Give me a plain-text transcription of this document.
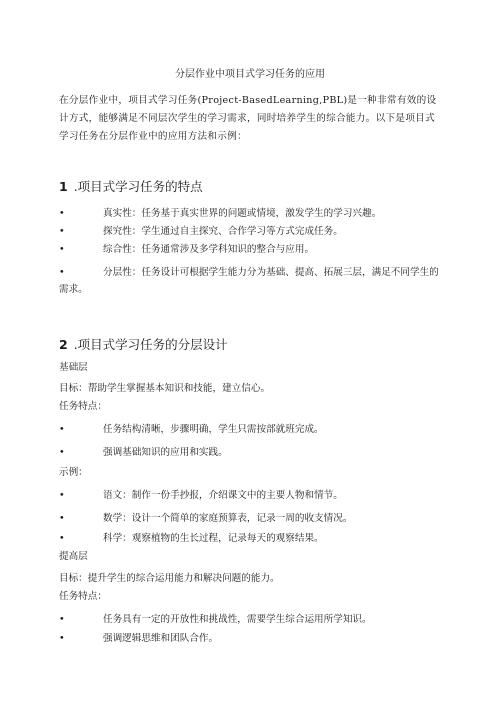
分层作业中项目式学习任务的应用
在分层作业中，项目式学习任务(Project-BasedLearning,PBL)是一种非常有效的设计方式，能够满足不同层次学生的学习需求，同时培养学生的综合能力。以下是项目式学习任务在分层作业中的应用方法和示例：
1 .项目式学习任务的特点
•	真实性：任务基于真实世界的问题或情境，激发学生的学习兴趣。
•	探究性：学生通过自主探究、合作学习等方式完成任务。
•	综合性：任务通常涉及多学科知识的整合与应用。
•	分层性：任务设计可根据学生能力分为基础、提高、拓展三层，满足不同学生的需求。
2 .项目式学习任务的分层设计
基础层
目标：帮助学生掌握基本知识和技能，建立信心。
任务特点：
•	任务结构清晰，步骤明确，学生只需按部就班完成。
•	强调基础知识的应用和实践。
示例：
•	语文：制作一份手抄报，介绍课文中的主要人物和情节。
•	数学：设计一个简单的家庭预算表，记录一周的收支情况。
•	科学：观察植物的生长过程，记录每天的观察结果。
提高层
目标：提升学生的综合运用能力和解决问题的能力。
任务特点：
•	任务具有一定的开放性和挑战性，需要学生综合运用所学知识。
•	强调逻辑思维和团队合作。
